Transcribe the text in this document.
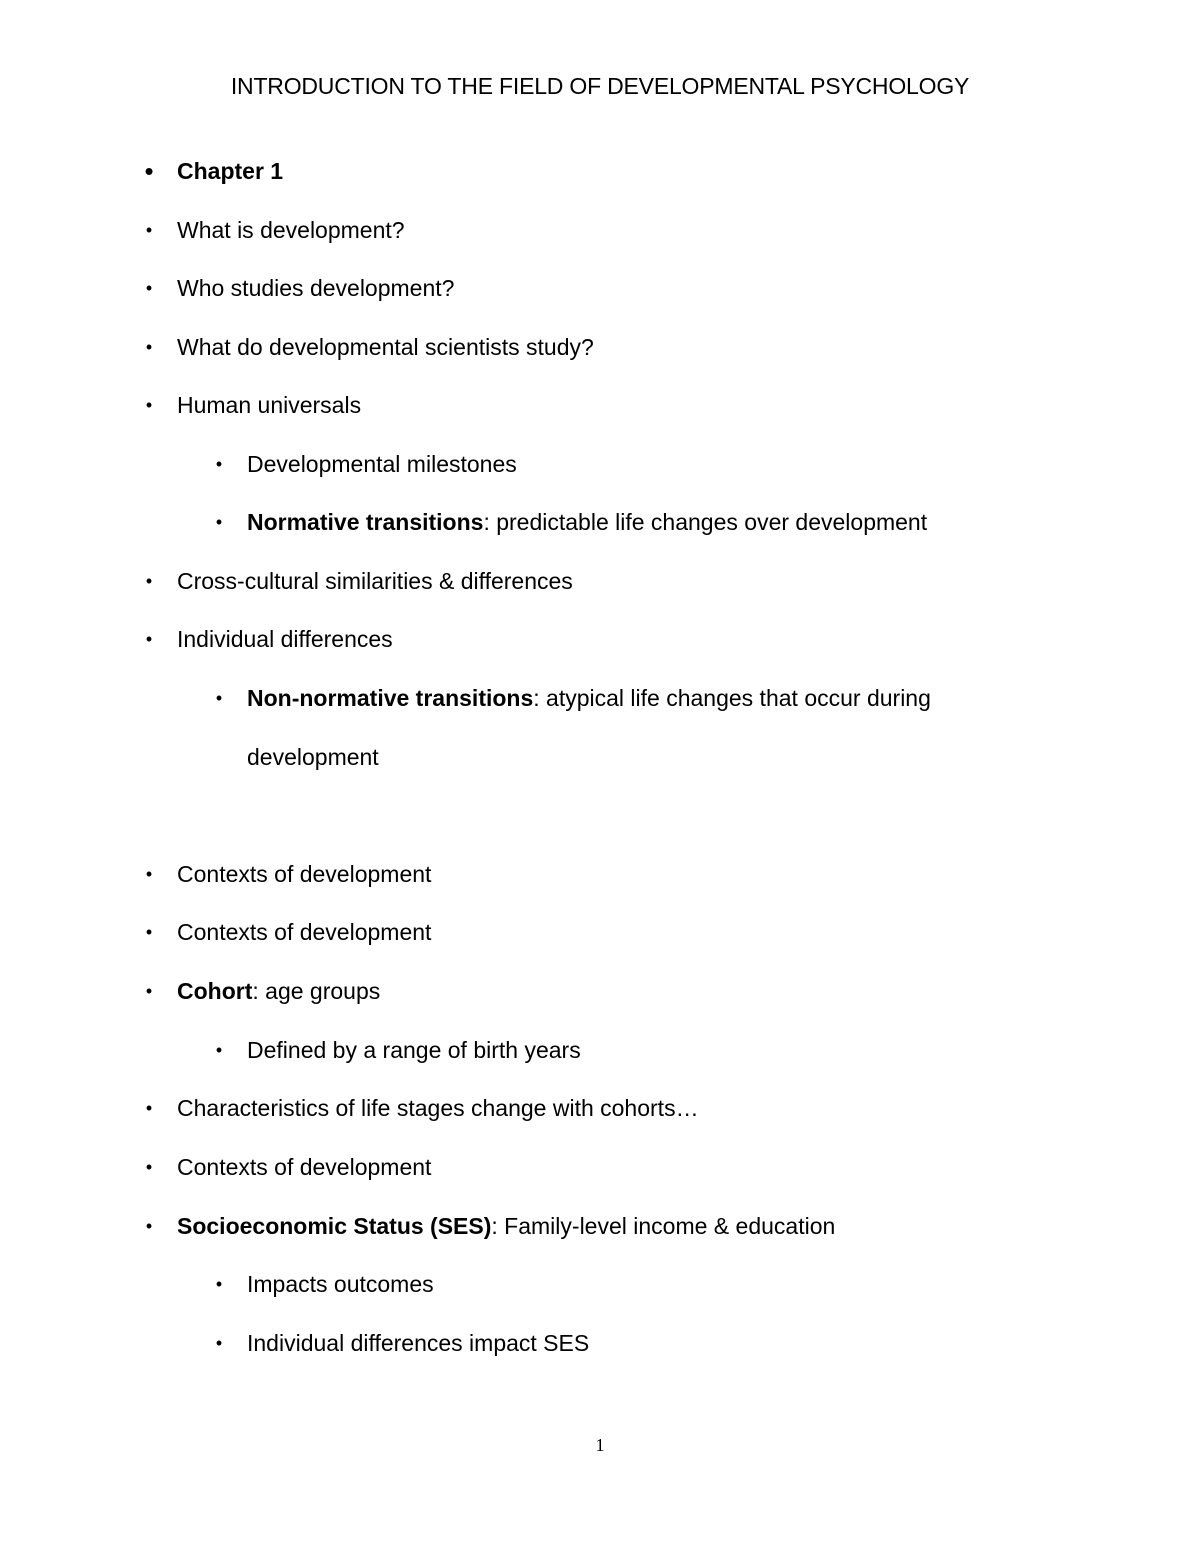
INTRODUCTION TO THE FIELD OF DEVELOPMENTAL PSYCHOLOGY
• Chapter 1
• What is development?
• Who studies development?
• What do developmental scientists study?
• Human universals
• Developmental milestones
• Normative transitions: predictable life changes over development
• Cross-cultural similarities & differences
• Individual differences
• Non-normative transitions: atypical life changes that occur during
development
• Contexts of development
• Contexts of development
• Cohort: age groups
• Defined by a range of birth years
• Characteristics of life stages change with cohorts…
• Contexts of development
• Socioeconomic Status (SES): Family-level income & education
• Impacts outcomes
• Individual differences impact SES
1
